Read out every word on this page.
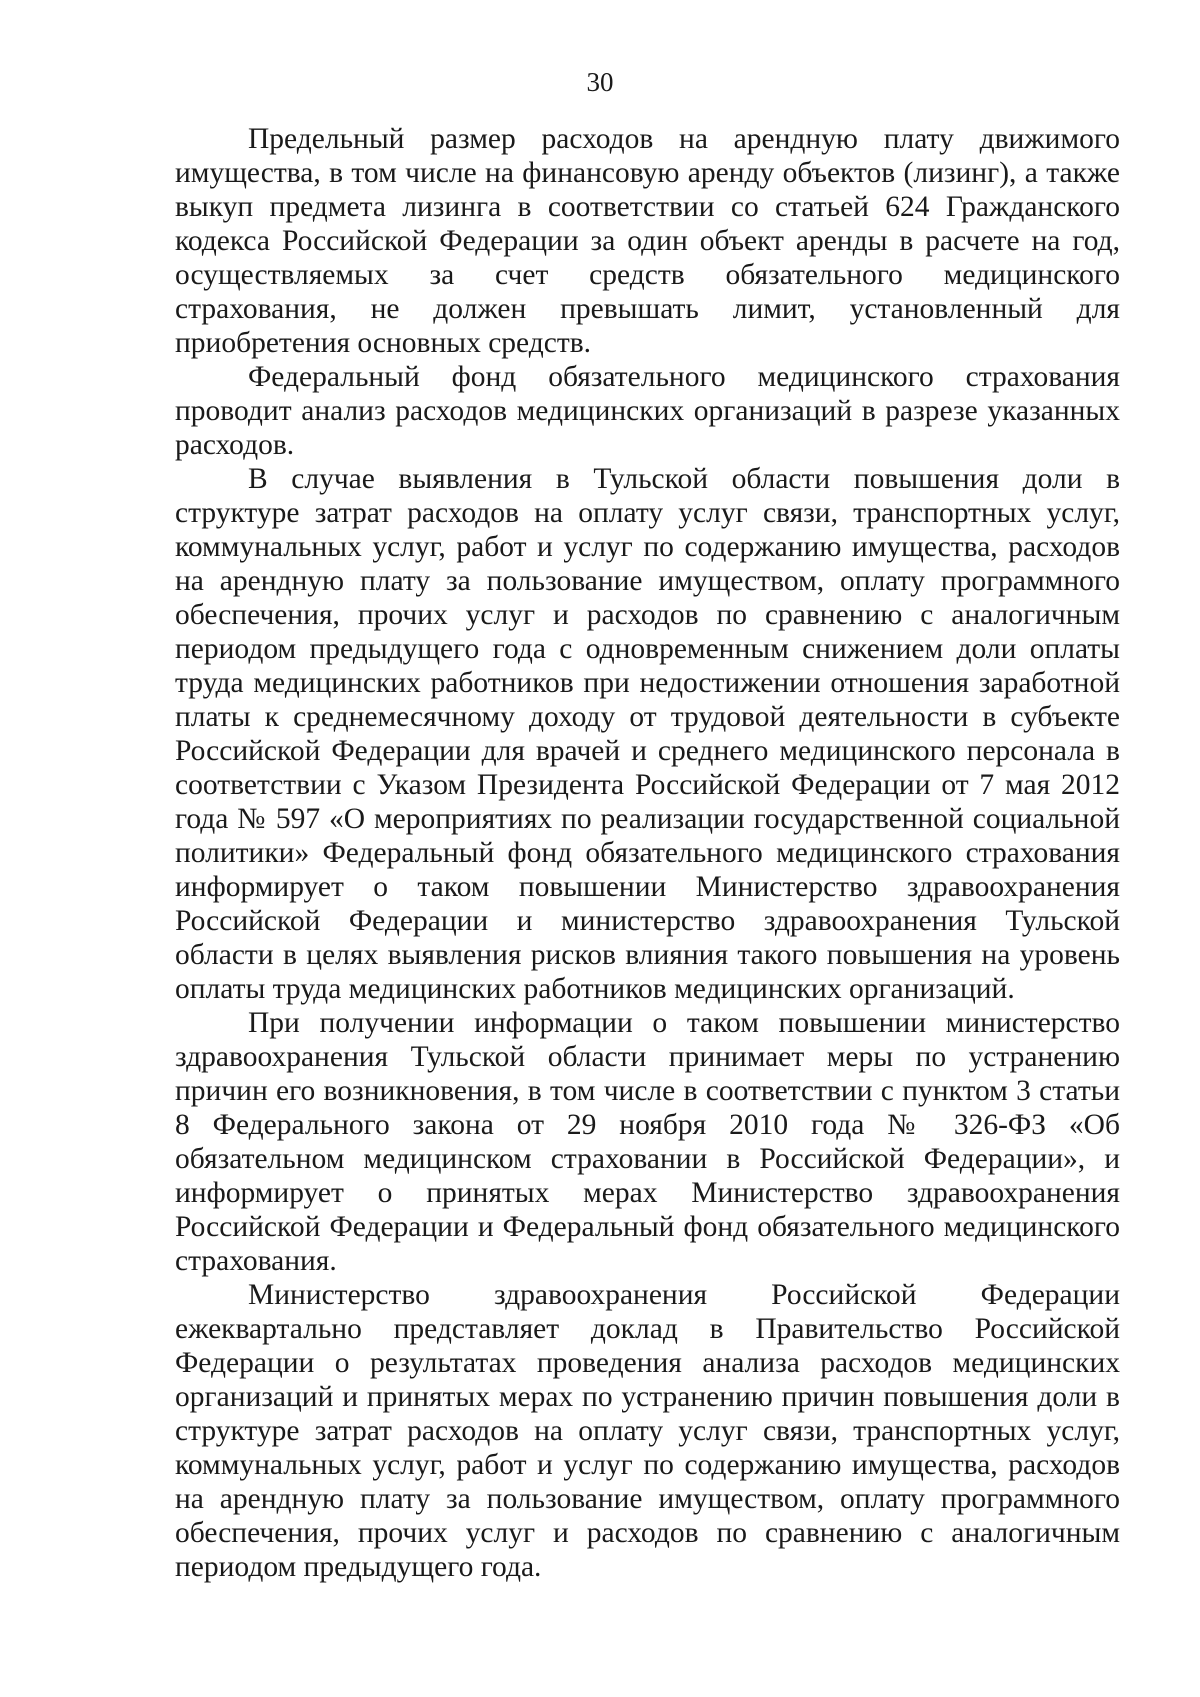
30

Предельный размер расходов на арендную плату движимого имущества, в том числе на финансовую аренду объектов (лизинг), а также выкуп предмета лизинга в соответствии со статьей 624 Гражданского кодекса Российской Федерации за один объект аренды в расчете на год, осуществляемых за счет средств обязательного медицинского страхования, не должен превышать лимит, установленный для приобретения основных средств.

Федеральный фонд обязательного медицинского страхования проводит анализ расходов медицинских организаций в разрезе указанных расходов.

В случае выявления в Тульской области повышения доли в структуре затрат расходов на оплату услуг связи, транспортных услуг, коммунальных услуг, работ и услуг по содержанию имущества, расходов на арендную плату за пользование имуществом, оплату программного обеспечения, прочих услуг и расходов по сравнению с аналогичным периодом предыдущего года с одновременным снижением доли оплаты труда медицинских работников при недостижении отношения заработной платы к среднемесячному доходу от трудовой деятельности в субъекте Российской Федерации для врачей и среднего медицинского персонала в соответствии с Указом Президента Российской Федерации от 7 мая 2012 года № 597 «О мероприятиях по реализации государственной социальной политики» Федеральный фонд обязательного медицинского страхования информирует о таком повышении Министерство здравоохранения Российской Федерации и министерство здравоохранения Тульской области в целях выявления рисков влияния такого повышения на уровень оплаты труда медицинских работников медицинских организаций.

При получении информации о таком повышении министерство здравоохранения Тульской области принимает меры по устранению причин его возникновения, в том числе в соответствии с пунктом 3 статьи 8 Федерального закона от 29 ноября 2010 года № 326-ФЗ «Об обязательном медицинском страховании в Российской Федерации», и информирует о принятых мерах Министерство здравоохранения Российской Федерации и Федеральный фонд обязательного медицинского страхования.

Министерство здравоохранения Российской Федерации ежеквартально представляет доклад в Правительство Российской Федерации о результатах проведения анализа расходов медицинских организаций и принятых мерах по устранению причин повышения доли в структуре затрат расходов на оплату услуг связи, транспортных услуг, коммунальных услуг, работ и услуг по содержанию имущества, расходов на арендную плату за пользование имуществом, оплату программного обеспечения, прочих услуг и расходов по сравнению с аналогичным периодом предыдущего года.
